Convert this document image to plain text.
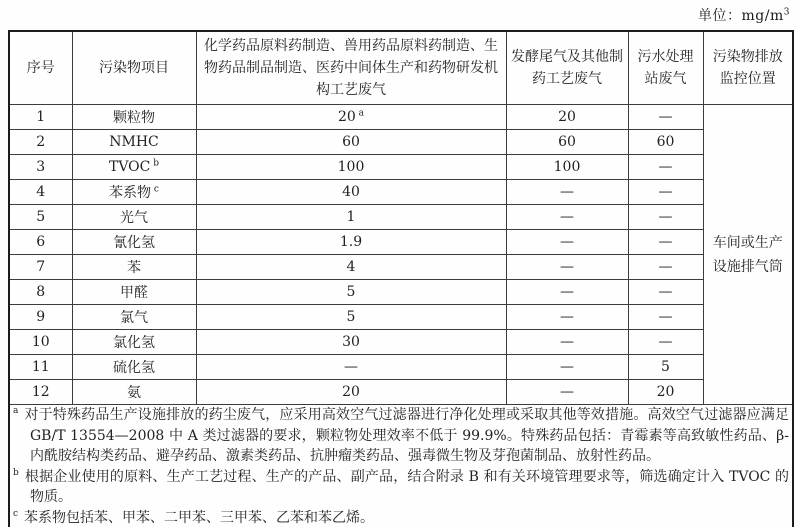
单位：$mg/m^3$
序号	污染物项目	化学药品原料药制造、兽用药品原料药制造、生物药品制品制造、医药中间体生产和药物研发机构工艺废气	发酵尾气及其他制药工艺废气	污水处理站废气	污染物排放监控位置
1	颗粒物	20 $^a$	20	—	车间或生产设施排气筒
2	NMHC	60	60	60	
3	TVOC $^b$	100	100	—	
4	苯系物 $^c$	40	—	—	
5	光气	1	—	—	
6	氰化氢	1.9	—	—	
7	苯	4	—	—	
8	甲醛	5	—	—	
9	氯气	5	—	—	
10	氯化氢	30	—	—	
11	硫化氢	—	—	5	
12	氨	20	—	20	

$^a$ 对于特殊药品生产设施排放的药尘废气，应采用高效空气过滤器进行净化处理或采取其他等效措施。高效空气过滤器应满足 GB/T 13554—2008 中 A 类过滤器的要求，颗粒物处理效率不低于 99.9%。特殊药品包括：青霉素等高致敏性药品、β-内酰胺结构类药品、避孕药品、激素类药品、抗肿瘤类药品、强毒微生物及芽孢菌制品、放射性药品。
$^b$ 根据企业使用的原料、生产工艺过程、生产的产品、副产品，结合附录 B 和有关环境管理要求等，筛选确定计入 TVOC 的物质。
$^c$ 苯系物包括苯、甲苯、二甲苯、三甲苯、乙苯和苯乙烯。					
